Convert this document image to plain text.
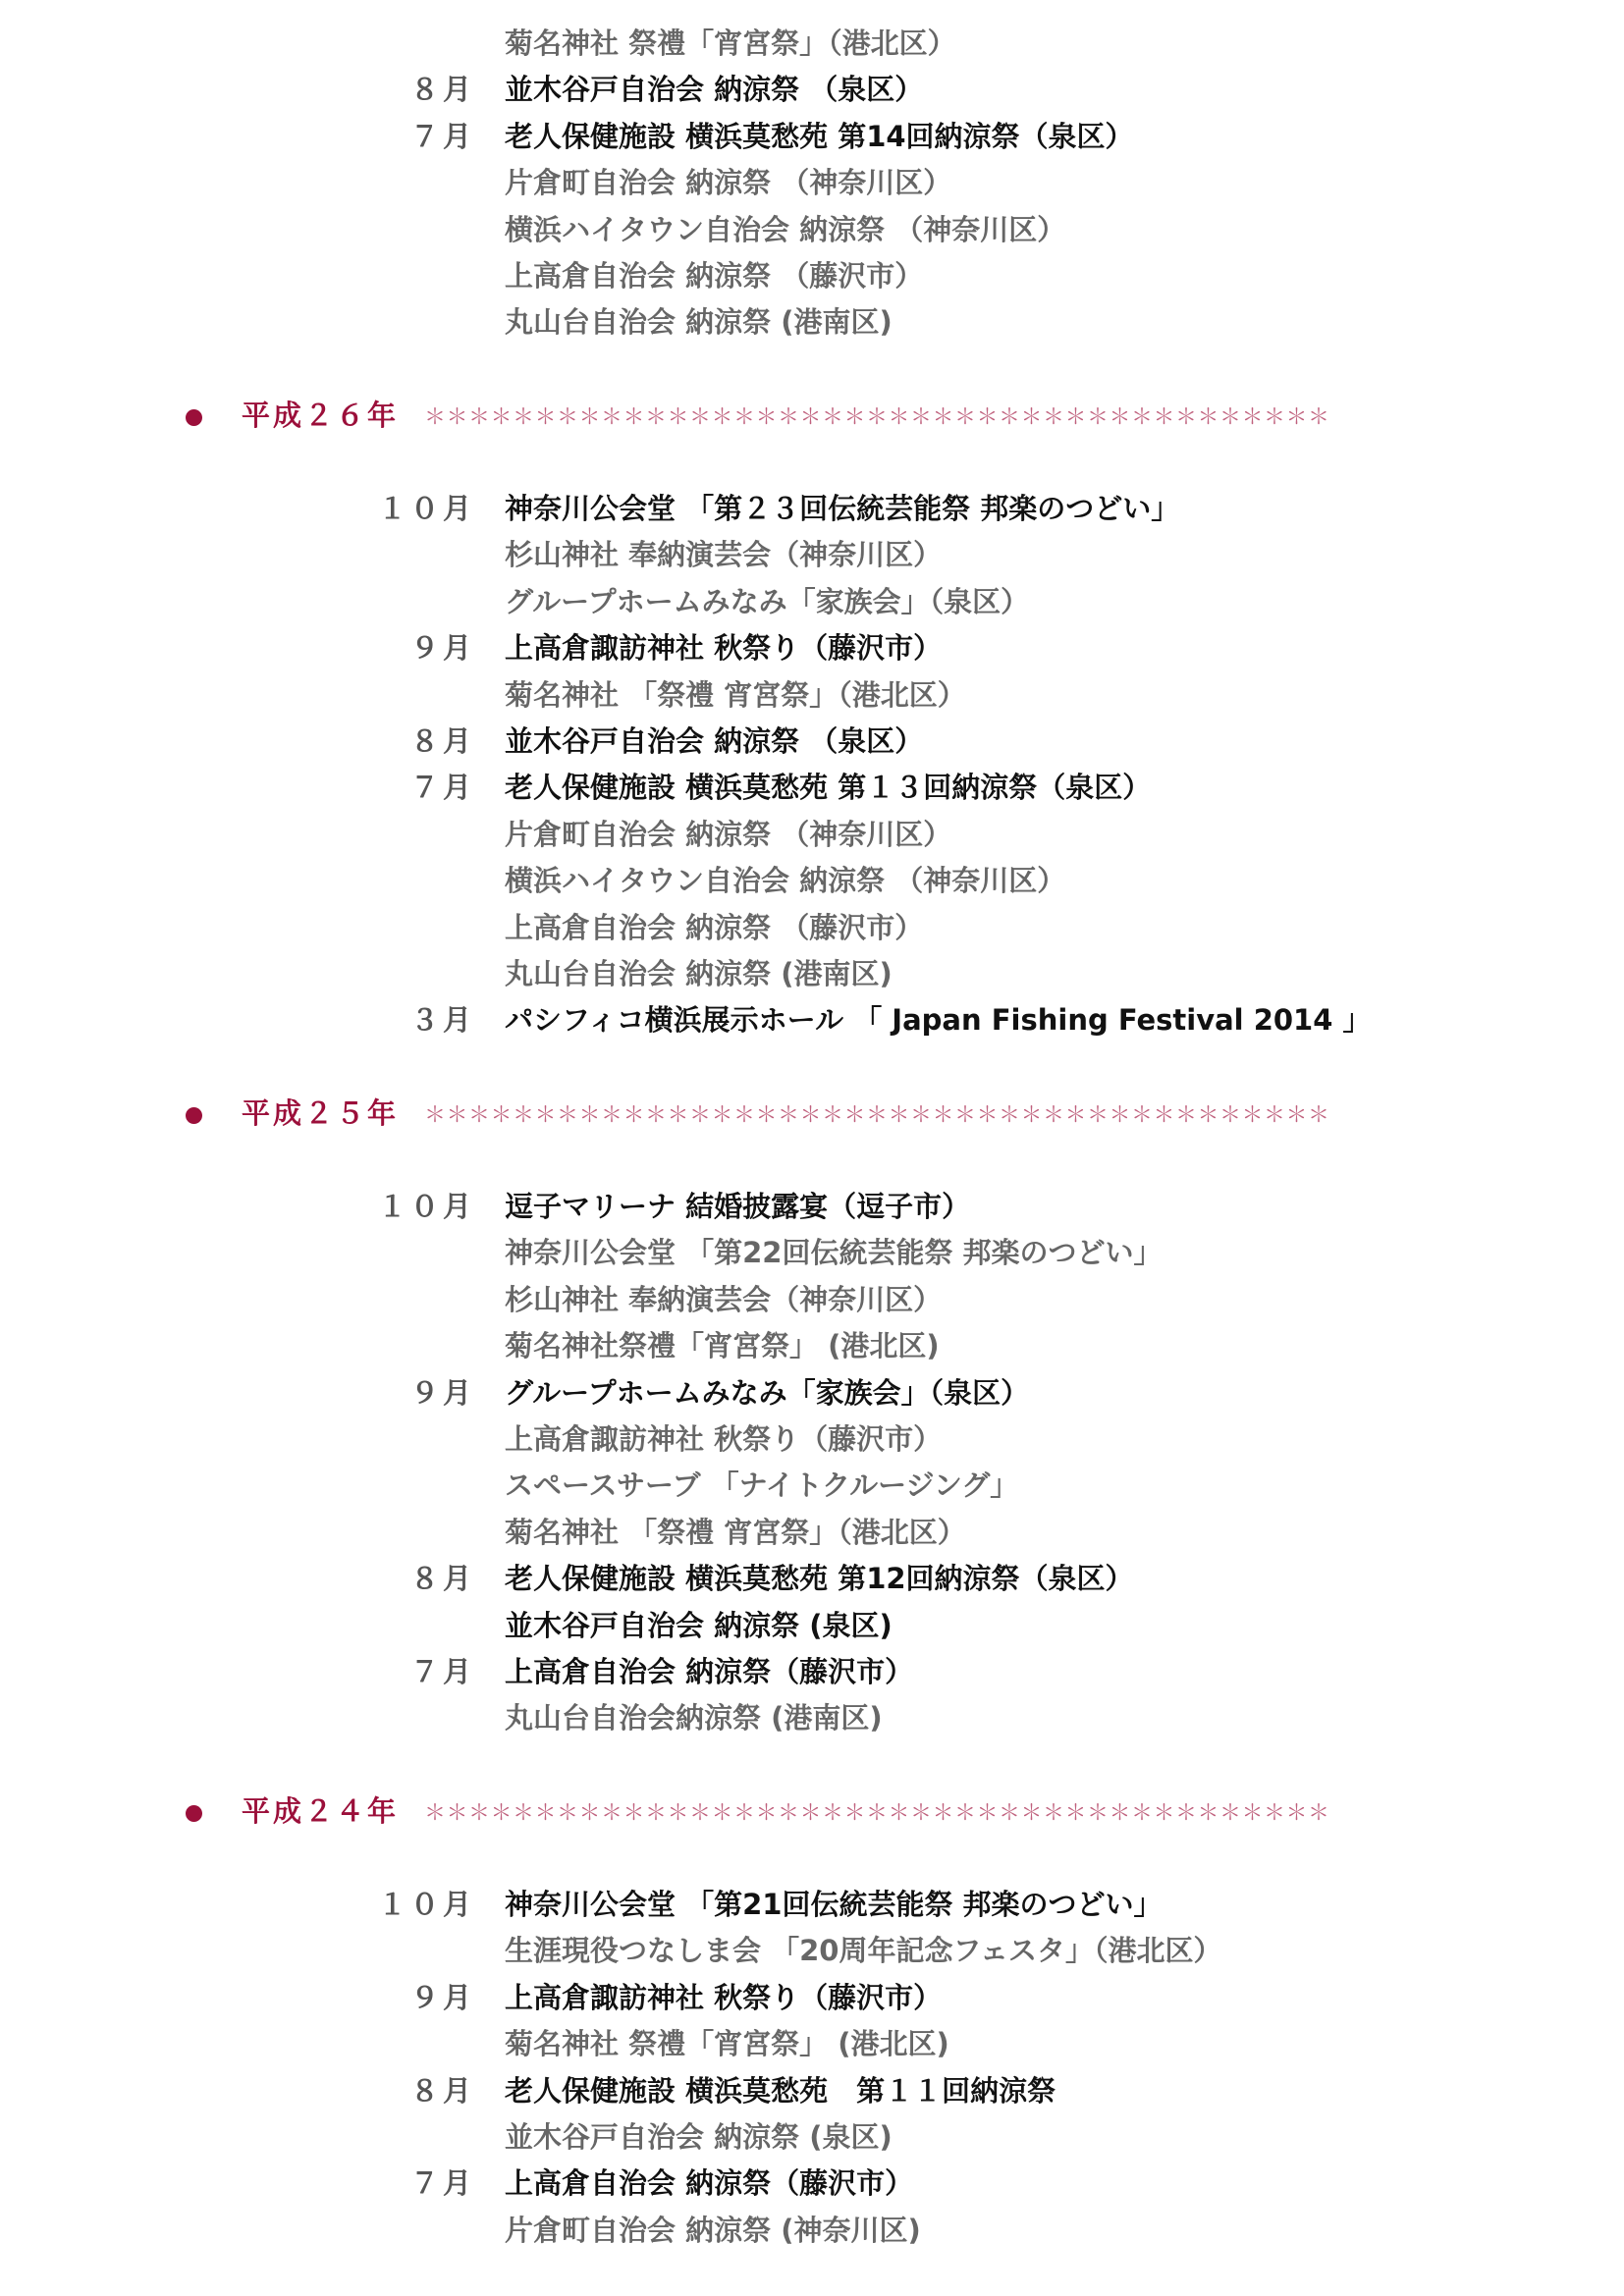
菊名神社 祭禮「宵宮祭」（港北区）
８月 並木谷戸自治会 納涼祭 （泉区）
７月 老人保健施設 横浜莫愁苑 第14回納涼祭（泉区）
片倉町自治会 納涼祭 （神奈川区）
横浜ハイタウン自治会 納涼祭 （神奈川区）
上高倉自治会 納涼祭 （藤沢市）
丸山台自治会 納涼祭 (港南区)
平成２６年 ＊＊＊＊＊＊＊＊＊＊＊＊＊＊＊＊＊＊＊＊＊＊＊＊＊＊＊＊＊＊＊＊＊＊＊＊＊＊＊＊＊
１０月 神奈川公会堂 「第２３回伝統芸能祭 邦楽のつどい」
杉山神社 奉納演芸会（神奈川区）
グループホームみなみ「家族会」（泉区）
９月 上高倉諏訪神社 秋祭り（藤沢市）
菊名神社 「祭禮 宵宮祭」（港北区）
８月 並木谷戸自治会 納涼祭 （泉区）
７月 老人保健施設 横浜莫愁苑 第１３回納涼祭（泉区）
片倉町自治会 納涼祭 （神奈川区）
横浜ハイタウン自治会 納涼祭 （神奈川区）
上高倉自治会 納涼祭 （藤沢市）
丸山台自治会 納涼祭 (港南区)
３月 パシフィコ横浜展示ホール 「 Japan Fishing Festival 2014 」
平成２５年 ＊＊＊＊＊＊＊＊＊＊＊＊＊＊＊＊＊＊＊＊＊＊＊＊＊＊＊＊＊＊＊＊＊＊＊＊＊＊＊＊＊
１０月 逗子マリーナ 結婚披露宴（逗子市）
神奈川公会堂 「第22回伝統芸能祭 邦楽のつどい」
杉山神社 奉納演芸会（神奈川区）
菊名神社祭禮「宵宮祭」 (港北区)
９月 グループホームみなみ「家族会」（泉区）
上高倉諏訪神社 秋祭り（藤沢市）
スペースサーブ 「ナイトクルージング」
菊名神社 「祭禮 宵宮祭」（港北区）
８月 老人保健施設 横浜莫愁苑 第12回納涼祭（泉区）
並木谷戸自治会 納涼祭 (泉区)
７月 上高倉自治会 納涼祭（藤沢市）
丸山台自治会納涼祭 (港南区)
平成２４年 ＊＊＊＊＊＊＊＊＊＊＊＊＊＊＊＊＊＊＊＊＊＊＊＊＊＊＊＊＊＊＊＊＊＊＊＊＊＊＊＊＊
１０月 神奈川公会堂 「第21回伝統芸能祭 邦楽のつどい」
生涯現役つなしま会 「20周年記念フェスタ」（港北区）
９月 上高倉諏訪神社 秋祭り（藤沢市）
菊名神社 祭禮「宵宮祭」 (港北区)
８月 老人保健施設 横浜莫愁苑　第１１回納涼祭
並木谷戸自治会 納涼祭 (泉区)
７月 上高倉自治会 納涼祭（藤沢市）
片倉町自治会 納涼祭 (神奈川区)
